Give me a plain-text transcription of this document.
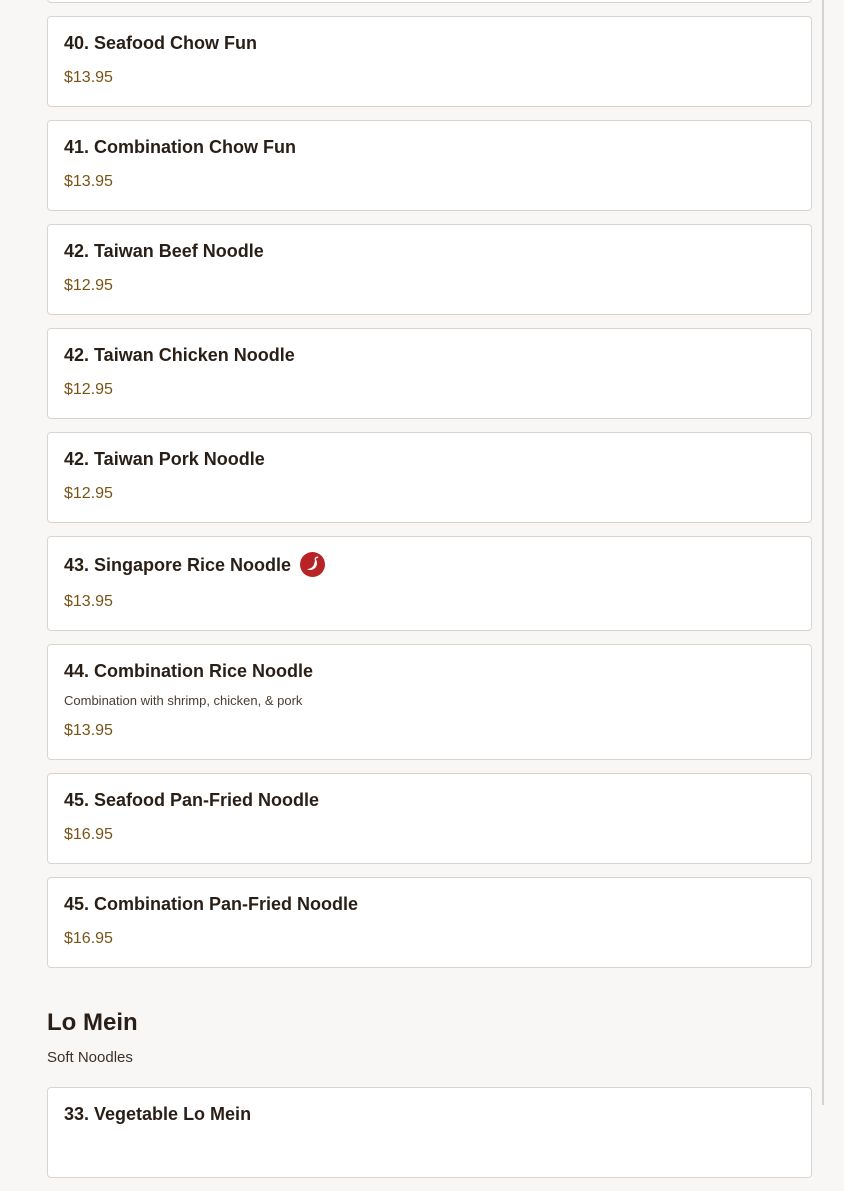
40. Seafood Chow Fun
$13.95
41. Combination Chow Fun
$13.95
42. Taiwan Beef Noodle
$12.95
42. Taiwan Chicken Noodle
$12.95
42. Taiwan Pork Noodle
$12.95
43. Singapore Rice Noodle
$13.95
44. Combination Rice Noodle
Combination with shrimp, chicken, & pork
$13.95
45. Seafood Pan-Fried Noodle
$16.95
45. Combination Pan-Fried Noodle
$16.95
Lo Mein
Soft Noodles
33. Vegetable Lo Mein
